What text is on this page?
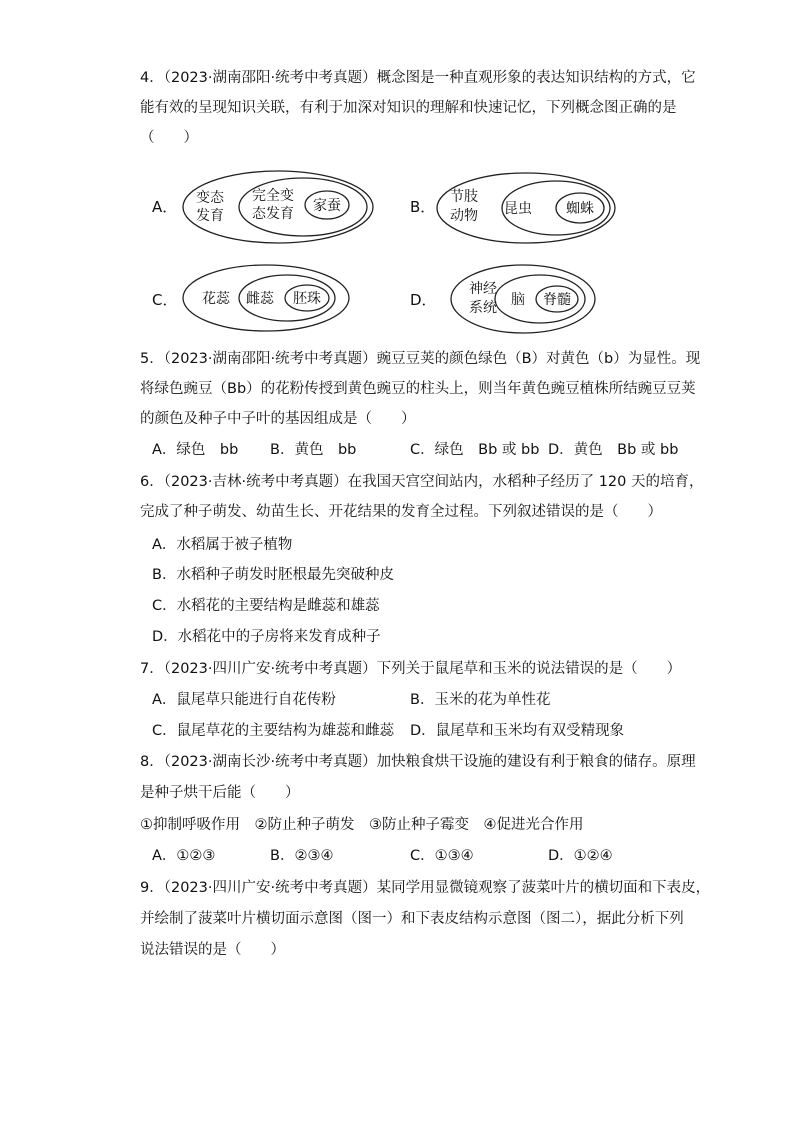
4．（2023·湖南邵阳·统考中考真题）概念图是一种直观形象的表达知识结构的方式，它
能有效的呈现知识关联，有利于加深对知识的理解和快速记忆，下列概念图正确的是
（　　）
A． 变态
发育
完全变
态发育 家蚕	B．
节肢
动物 昆虫 蜘蛛
C． 花蕊 雌蕊 胚珠	D．
神经
系统 脑 脊髓
5．（2023·湖南邵阳·统考中考真题）豌豆豆荚的颜色绿色（B）对黄色（b）为显性。现
将绿色豌豆（Bb）的花粉传授到黄色豌豆的柱头上，则当年黄色豌豆植株所结豌豆豆荚
的颜色及种子中子叶的基因组成是（　　）
A．绿色　bb B．黄色　bb	C．绿色　Bb 或 bb D．黄色　Bb 或 bb
6．（2023·吉林·统考中考真题）在我国天宫空间站内，水稻种子经历了 120 天的培育，
完成了种子萌发、幼苗生长、开花结果的发育全过程。下列叙述错误的是（　　）
A．水稻属于被子植物
B．水稻种子萌发时胚根最先突破种皮
C．水稻花的主要结构是雌蕊和雄蕊
D．水稻花中的子房将来发育成种子
7．（2023·四川广安·统考中考真题）下列关于鼠尾草和玉米的说法错误的是（　　）
A．鼠尾草只能进行自花传粉	B．玉米的花为单性花
C．鼠尾草花的主要结构为雄蕊和雌蕊 D．鼠尾草和玉米均有双受精现象
8．（2023·湖南长沙·统考中考真题）加快粮食烘干设施的建设有利于粮食的储存。原理
是种子烘干后能（　　）
①抑制呼吸作用　②防止种子萌发　③防止种子霉变　④促进光合作用
A．①②③	B．②③④	C．①③④	D．①②④
9．（2023·四川广安·统考中考真题）某同学用显微镜观察了菠菜叶片的横切面和下表皮，
并绘制了菠菜叶片横切面示意图（图一）和下表皮结构示意图（图二），据此分析下列
说法错误的是（　　）
